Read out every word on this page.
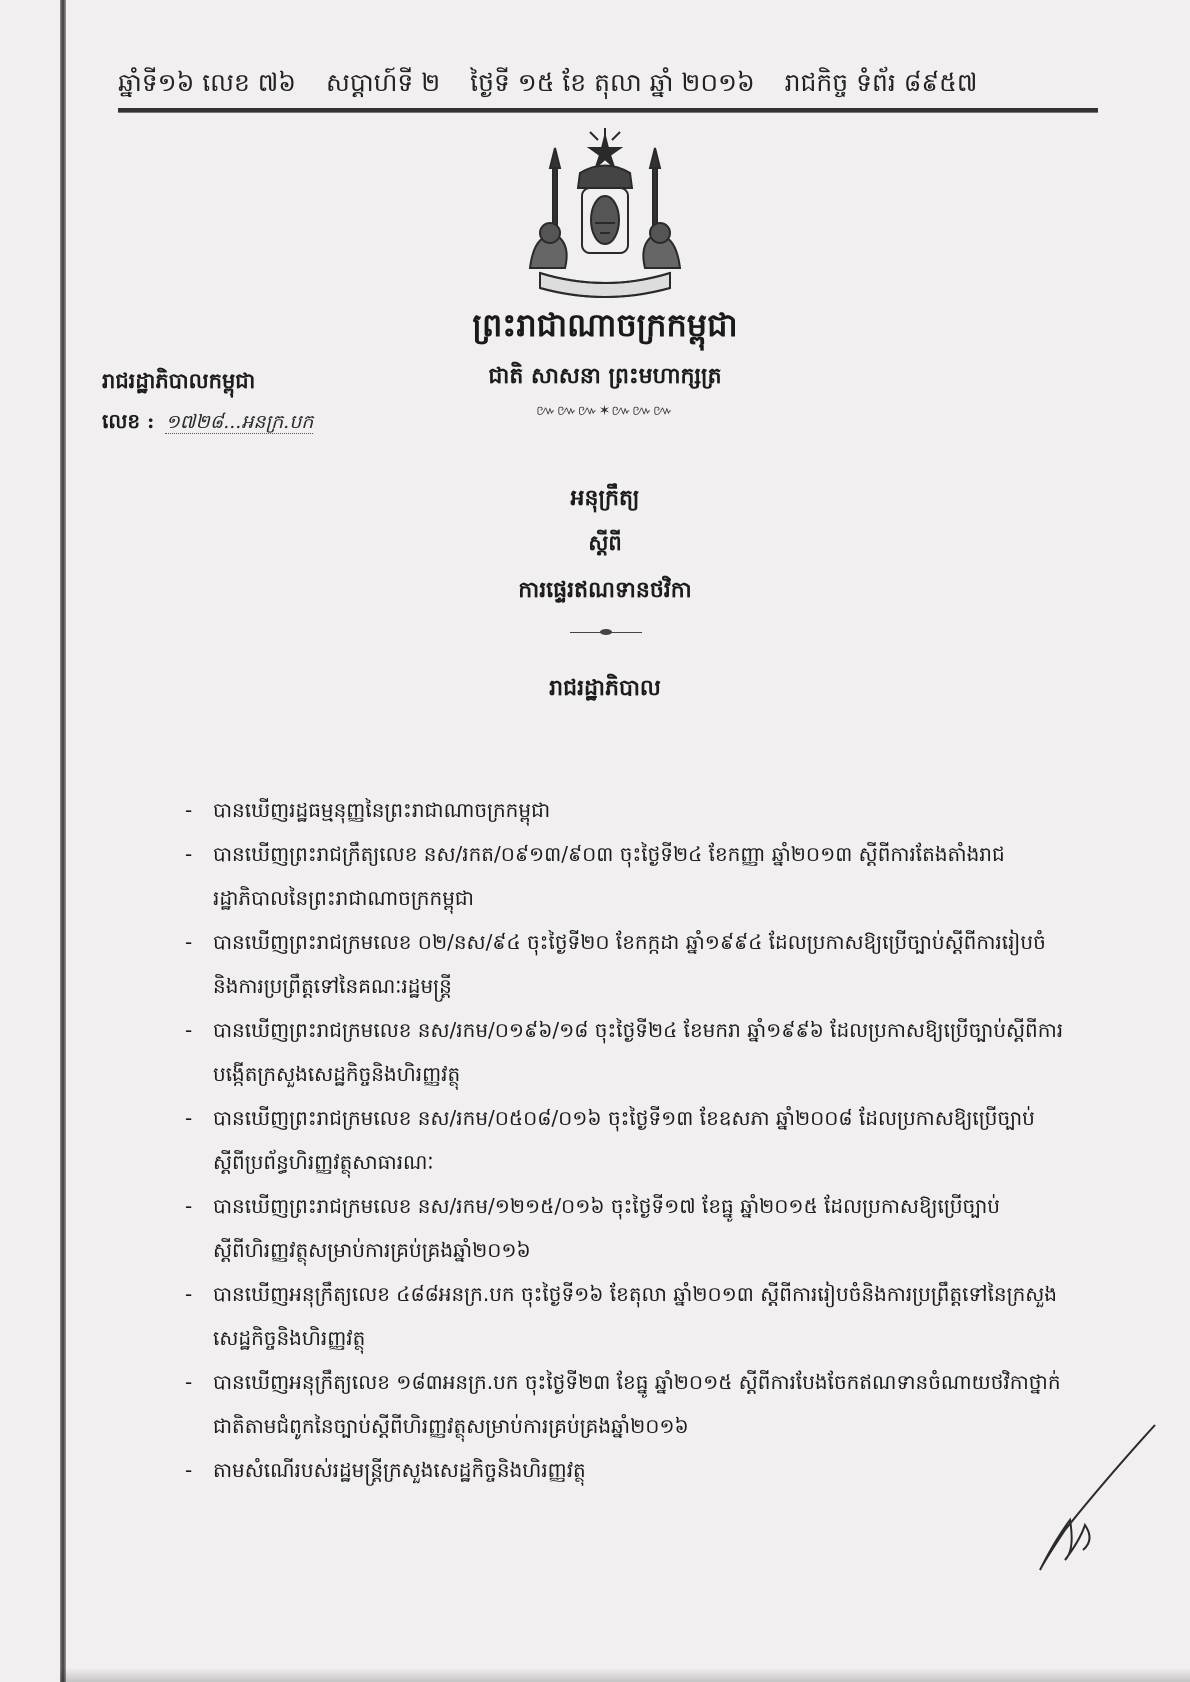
ឆ្នាំទី១៦ លេខ ៧៦ សប្ដាហ៍ទី ២ ថ្ងៃទី ១៥ ខែ តុលា ឆ្នាំ ២០១៦ រាជកិច្ច ទំព័រ ៨៩៥៧
ព្រះរាជាណាចក្រកម្ពុជា
ជាតិ សាសនា ព្រះមហាក្សត្រ
៚៚៚✶៚៚៚
រាជរដ្ឋាភិបាលកម្ពុជា
លេខ : ១៧២៨...អនក្រ.បក
អនុក្រឹត្យ
ស្ដីពី
ការផ្ទេរឥណទានថវិកា
រាជរដ្ឋាភិបាល
- បានឃើញរដ្ឋធម្មនុញ្ញនៃព្រះរាជាណាចក្រកម្ពុជា
- បានឃើញព្រះរាជក្រឹត្យលេខ នស/រកត/០៩១៣/៩០៣ ចុះថ្ងៃទី២៤ ខែកញ្ញា ឆ្នាំ២០១៣ ស្ដីពីការតែងតាំងរាជរដ្ឋាភិបាលនៃព្រះរាជាណាចក្រកម្ពុជា
- បានឃើញព្រះរាជក្រមលេខ ០២/នស/៩៤ ចុះថ្ងៃទី២០ ខែកក្កដា ឆ្នាំ១៩៩៤ ដែលប្រកាសឱ្យប្រើច្បាប់ស្ដីពីការរៀបចំនិងការប្រព្រឹត្តទៅនៃគណៈរដ្ឋមន្ត្រី
- បានឃើញព្រះរាជក្រមលេខ នស/រកម/០១៩៦/១៨ ចុះថ្ងៃទី២៤ ខែមករា ឆ្នាំ១៩៩៦ ដែលប្រកាសឱ្យប្រើច្បាប់ស្ដីពីការបង្កើតក្រសួងសេដ្ឋកិច្ចនិងហិរញ្ញវត្ថុ
- បានឃើញព្រះរាជក្រមលេខ នស/រកម/០៥០៨/០១៦ ចុះថ្ងៃទី១៣ ខែឧសភា ឆ្នាំ២០០៨ ដែលប្រកាសឱ្យប្រើច្បាប់ស្ដីពីប្រព័ន្ធហិរញ្ញវត្ថុសាធារណៈ
- បានឃើញព្រះរាជក្រមលេខ នស/រកម/១២១៥/០១៦ ចុះថ្ងៃទី១៧ ខែធ្នូ ឆ្នាំ២០១៥ ដែលប្រកាសឱ្យប្រើច្បាប់ស្ដីពីហិរញ្ញវត្ថុសម្រាប់ការគ្រប់គ្រងឆ្នាំ២០១៦
- បានឃើញអនុក្រឹត្យលេខ ៤៨៨អនក្រ.បក ចុះថ្ងៃទី១៦ ខែតុលា ឆ្នាំ២០១៣ ស្ដីពីការរៀបចំនិងការប្រព្រឹត្តទៅនៃក្រសួងសេដ្ឋកិច្ចនិងហិរញ្ញវត្ថុ
- បានឃើញអនុក្រឹត្យលេខ ១៨៣អនក្រ.បក ចុះថ្ងៃទី២៣ ខែធ្នូ ឆ្នាំ២០១៥ ស្ដីពីការបែងចែកឥណទានចំណាយថវិកាថ្នាក់ជាតិតាមជំពូកនៃច្បាប់ស្ដីពីហិរញ្ញវត្ថុសម្រាប់ការគ្រប់គ្រងឆ្នាំ២០១៦
- តាមសំណើរបស់រដ្ឋមន្ត្រីក្រសួងសេដ្ឋកិច្ចនិងហិរញ្ញវត្ថុ
